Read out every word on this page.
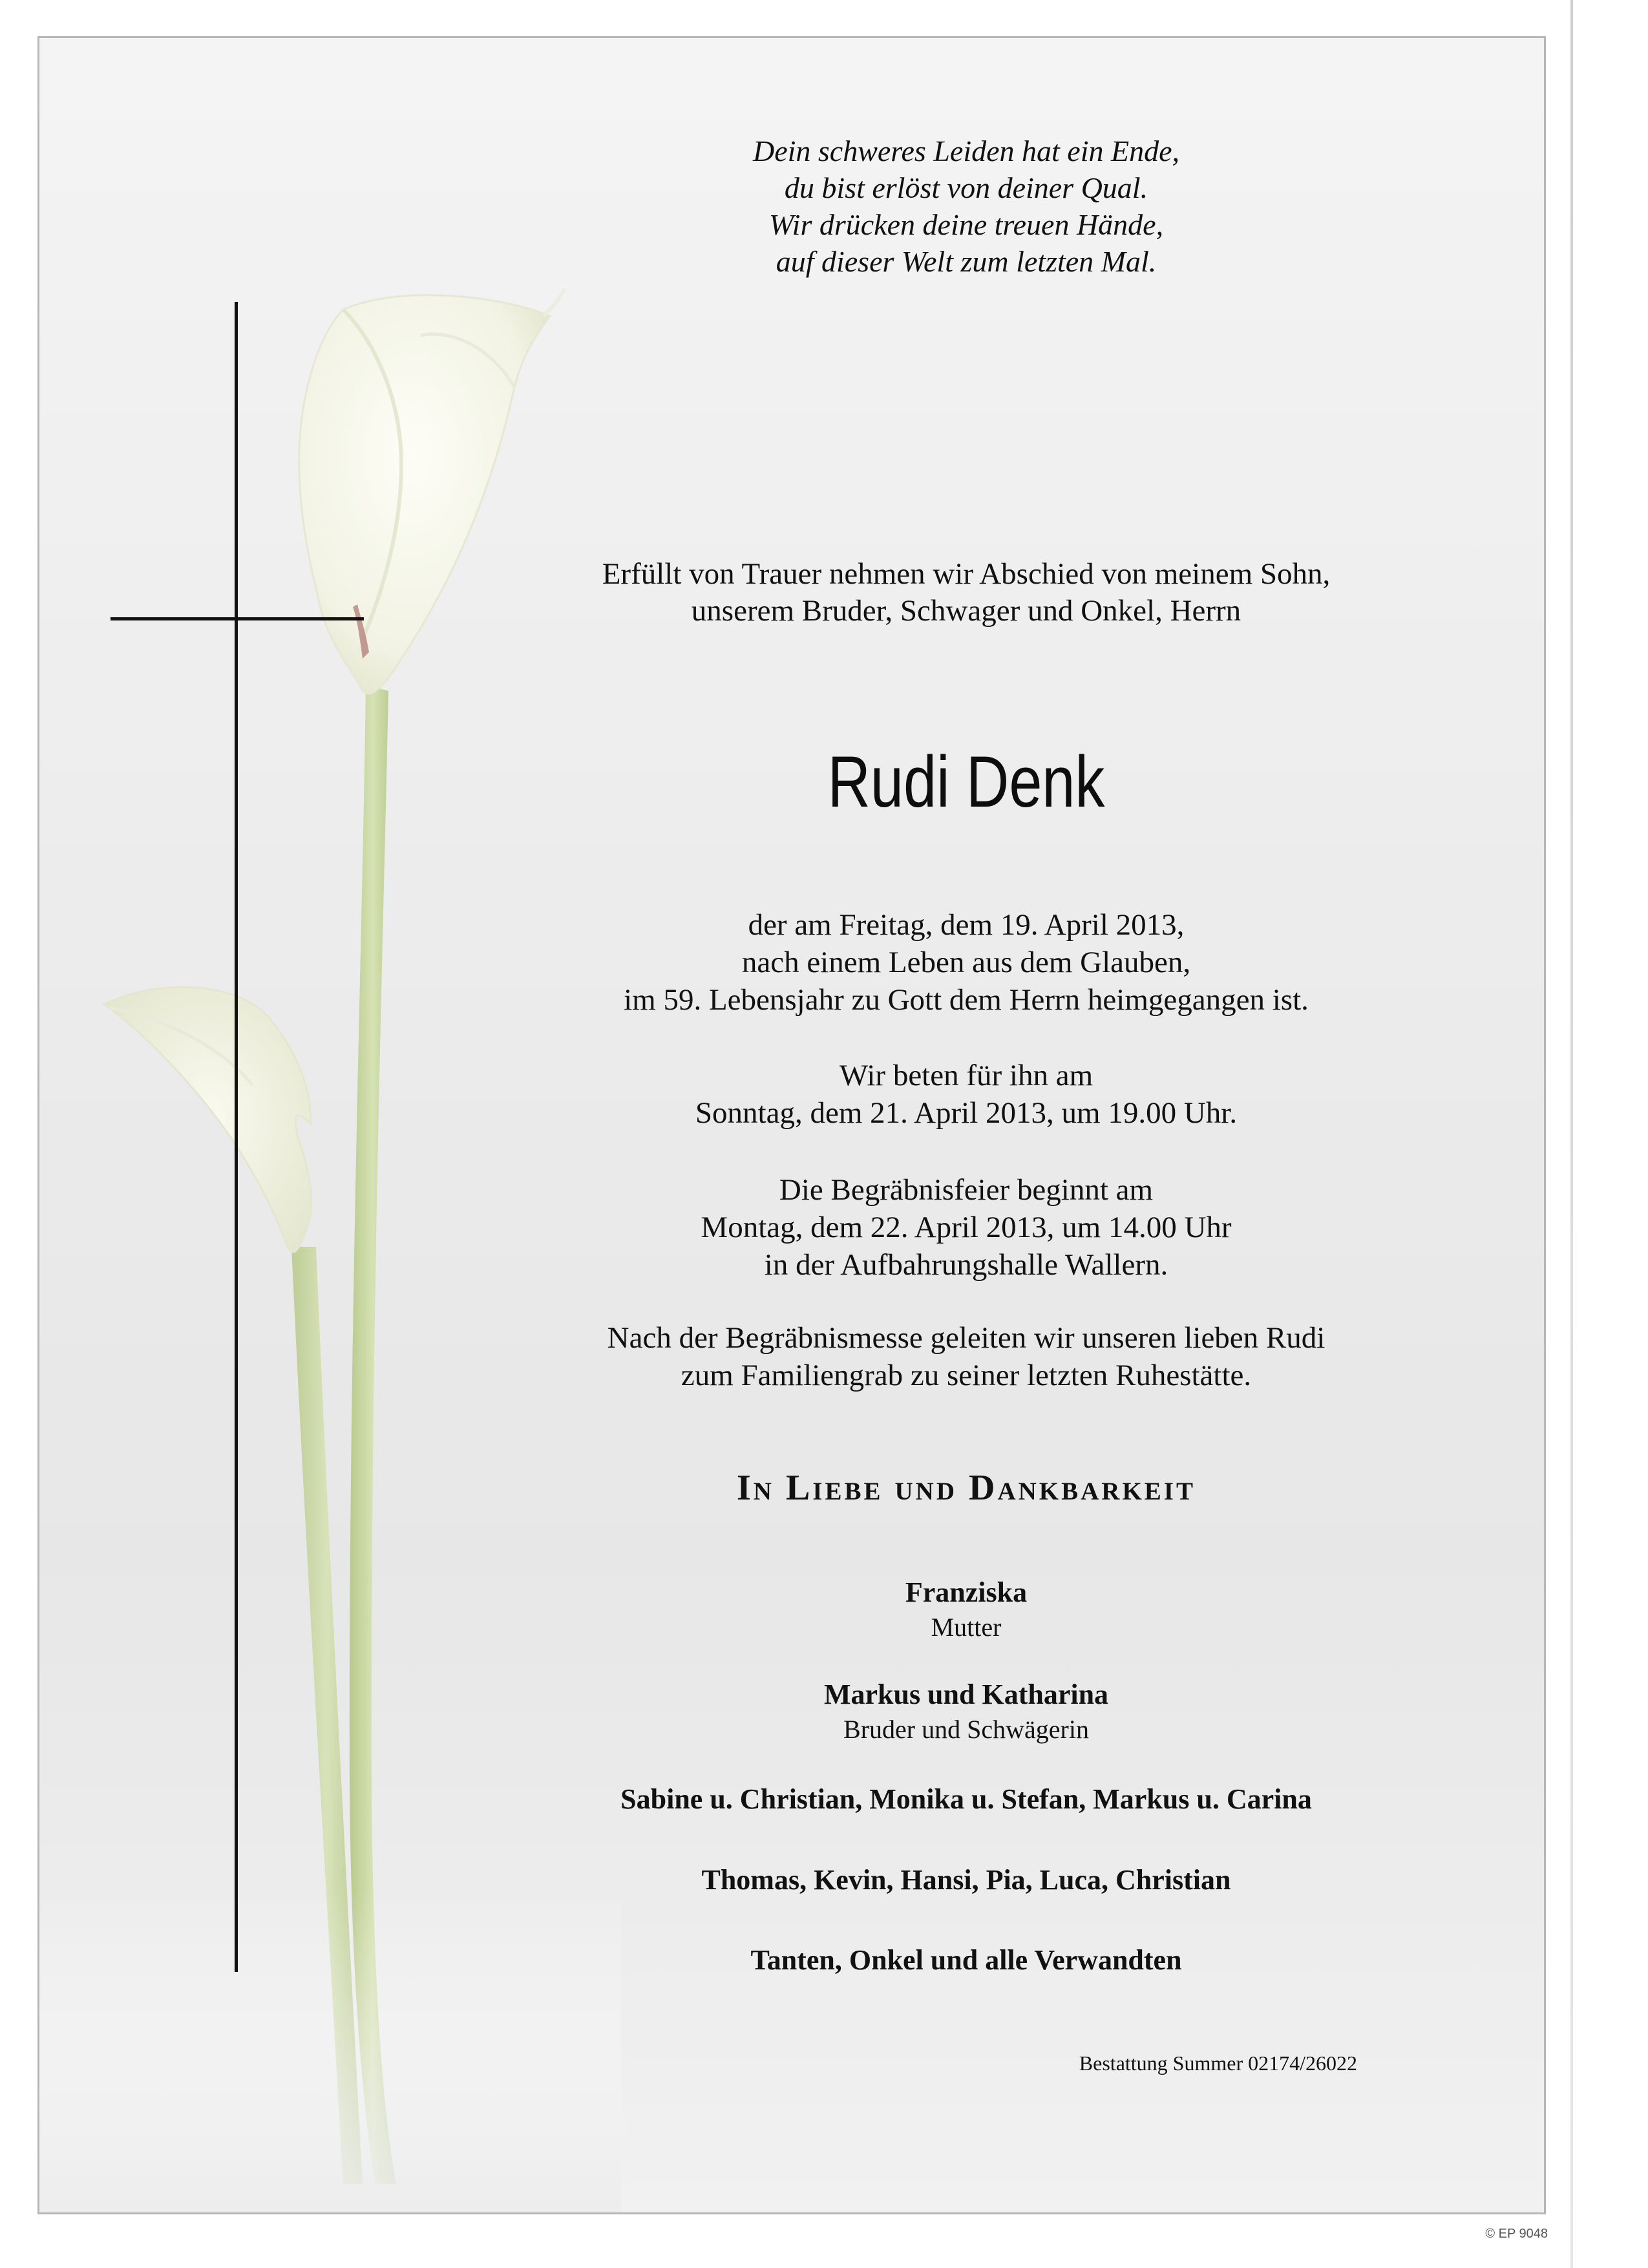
Dein schweres Leiden hat ein Ende,
du bist erlöst von deiner Qual.
Wir drücken deine treuen Hände,
auf dieser Welt zum letzten Mal.
Erfüllt von Trauer nehmen wir Abschied von meinem Sohn,
unserem Bruder, Schwager und Onkel, Herrn
Rudi Denk
der am Freitag, dem 19. April 2013,
nach einem Leben aus dem Glauben,
im 59. Lebensjahr zu Gott dem Herrn heimgegangen ist.
Wir beten für ihn am
Sonntag, dem 21. April 2013, um 19.00 Uhr.
Die Begräbnisfeier beginnt am
Montag, dem 22. April 2013, um 14.00 Uhr
in der Aufbahrungshalle Wallern.
Nach der Begräbnismesse geleiten wir unseren lieben Rudi
zum Familiengrab zu seiner letzten Ruhestätte.
In Liebe und Dankbarkeit
Franziska
Mutter
Markus und Katharina
Bruder und Schwägerin
Sabine u. Christian, Monika u. Stefan, Markus u. Carina
Thomas, Kevin, Hansi, Pia, Luca, Christian
Tanten, Onkel und alle Verwandten
Bestattung Summer 02174/26022
© EP 9048
